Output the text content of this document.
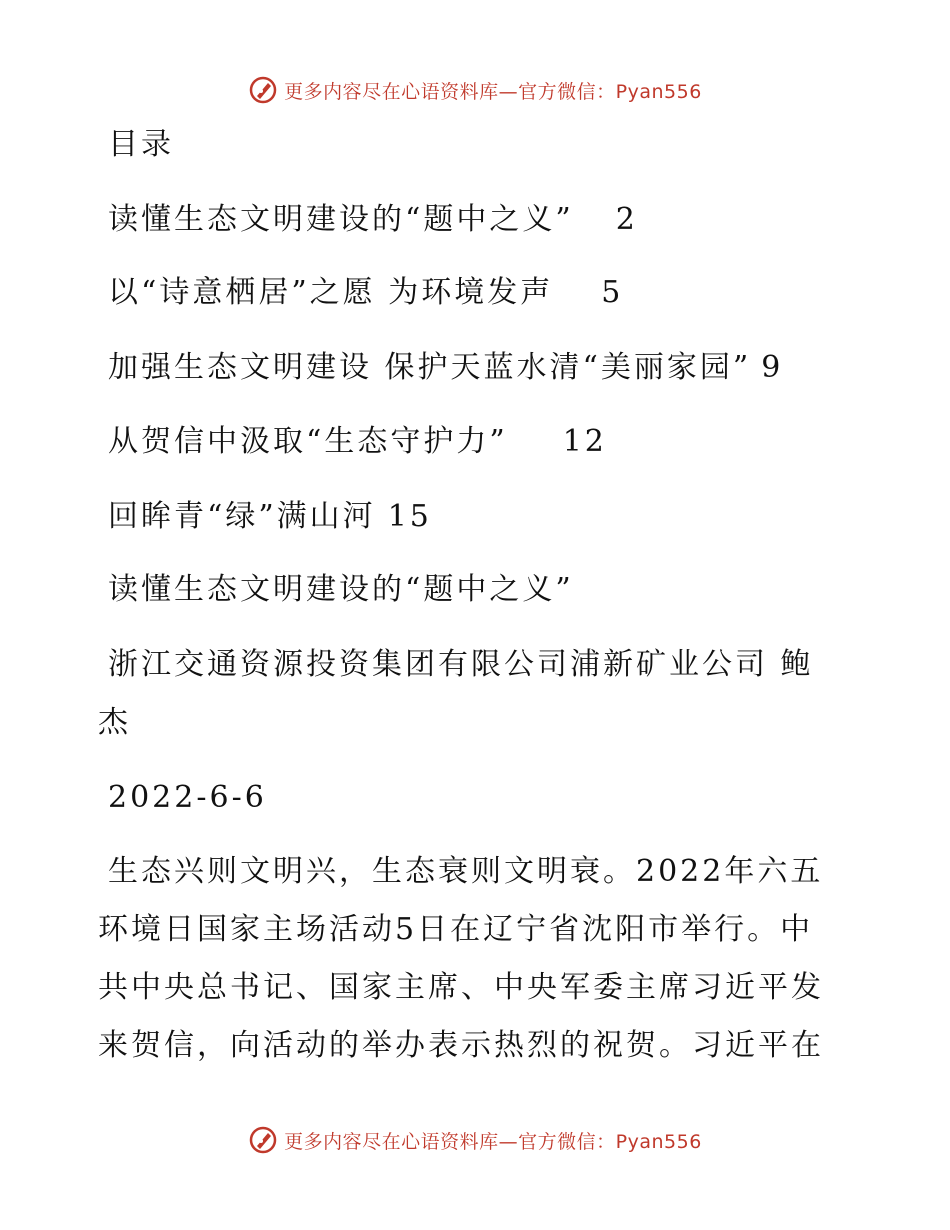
更多内容尽在心语资料库—官方微信：Pyan556
目录
读懂生态文明建设的“题中之义” 2
以“诗意栖居”之愿 为环境发声 5
加强生态文明建设 保护天蓝水清“美丽家园” 9
从贺信中汲取“生态守护力” 12
回眸青“绿”满山河 15
读懂生态文明建设的“题中之义”
浙江交通资源投资集团有限公司浦新矿业公司 鲍
杰
2022-6-6
生态兴则文明兴，生态衰则文明衰。2022年六五
环境日国家主场活动5日在辽宁省沈阳市举行。中
共中央总书记、国家主席、中央军委主席习近平发
来贺信，向活动的举办表示热烈的祝贺。习近平在
更多内容尽在心语资料库—官方微信：Pyan556
